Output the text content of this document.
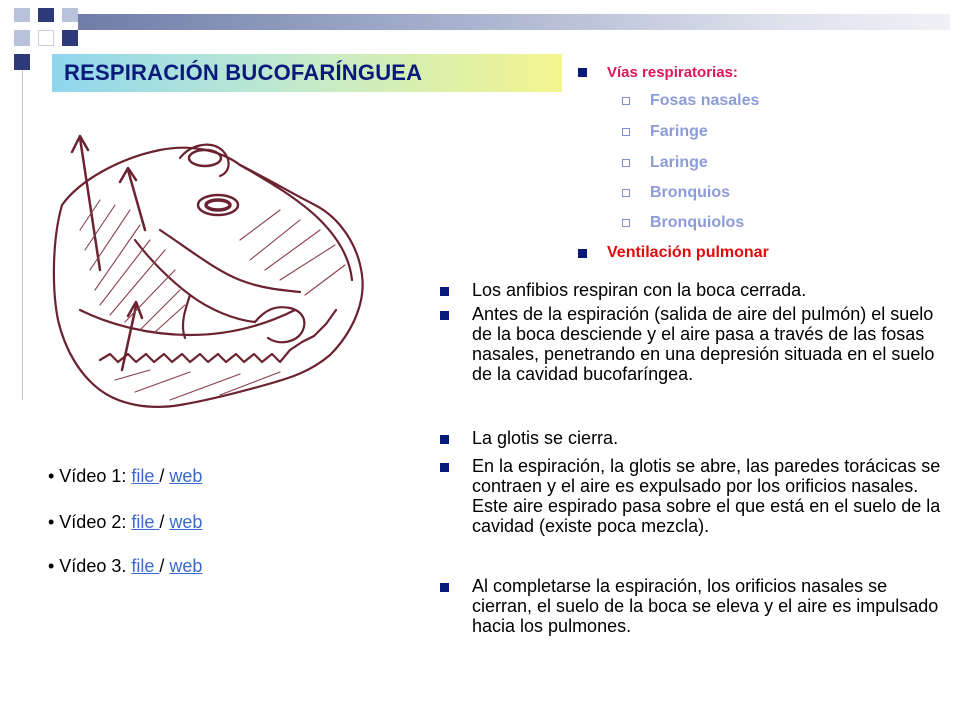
RESPIRACIÓN BUCOFARÍNGUEA	Vías respiratorias:
Fosas nasales
Faringe
Laringe
Bronquios
Bronquiolos
Ventilación pulmonar
Los anfibios respiran con la boca cerrada.
Antes de la espiración (salida de aire del pulmón) el suelo de la boca desciende y el aire pasa a través de las fosas nasales, penetrando en una depresión situada en el suelo de la cavidad bucofaríngea.
La glotis se cierra.
En la espiración, la glotis se abre, las paredes torácicas se contraen y el aire es expulsado por los orificios nasales. Este aire espirado pasa sobre el que está en el suelo de la cavidad (existe poca mezcla).
Al completarse la espiración, los orificios nasales se cierran, el suelo de la boca se eleva y el aire es impulsado hacia los pulmones.
• Vídeo 1: file / web
• Vídeo 2: file / web
• Vídeo 3. file / web
